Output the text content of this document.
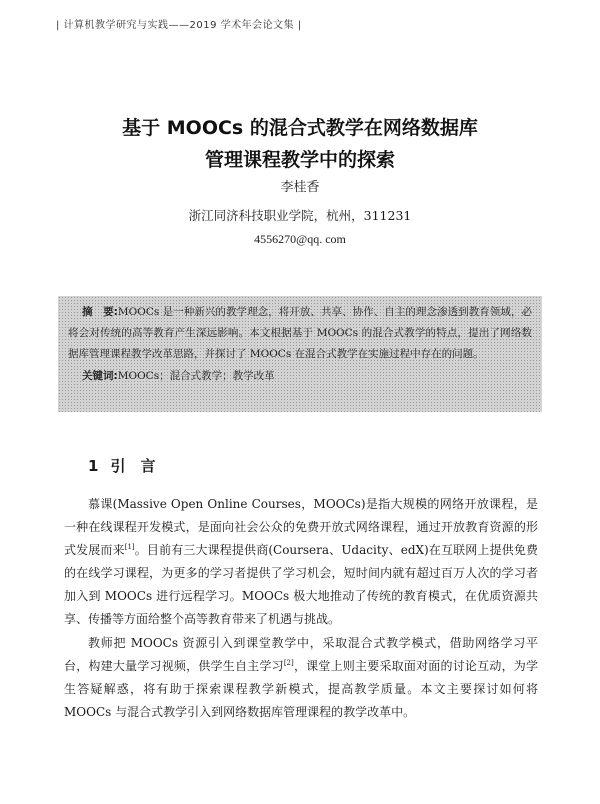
| 计算机教学研究与实践——2019 学术年会论文集 |
基于 MOOCs 的混合式教学在网络数据库
管理课程教学中的探索
李桂香
浙江同济科技职业学院，杭州，311231
4556270@qq. com

摘　要:MOOCs 是一种新兴的教学理念，将开放、共享、协作、自主的理念渗透到教育领域，必将会对传统的高等教育产生深远影响。本文根据基于 MOOCs 的混合式教学的特点，提出了网络数据库管理课程教学改革思路，并探讨了 MOOCs 在混合式教学在实施过程中存在的问题。

关键词:MOOCs；混合式教学；教学改革

1 引　言

慕课(Massive Open Online Courses，MOOCs)是指大规模的网络开放课程，是一种在线课程开发模式，是面向社会公众的免费开放式网络课程，通过开放教育资源的形式发展而来[1]。目前有三大课程提供商(Coursera、Udacity、edX)在互联网上提供免费的在线学习课程，为更多的学习者提供了学习机会，短时间内就有超过百万人次的学习者加入到 MOOCs 进行远程学习。MOOCs 极大地推动了传统的教育模式，在优质资源共享、传播等方面给整个高等教育带来了机遇与挑战。

教师把 MOOCs 资源引入到课堂教学中，采取混合式教学模式，借助网络学习平台，构建大量学习视频，供学生自主学习[2]，课堂上则主要采取面对面的讨论互动，为学生答疑解惑，将有助于探索课程教学新模式，提高教学质量。本文主要探讨如何将 MOOCs 与混合式教学引入到网络数据库管理课程的教学改革中。
